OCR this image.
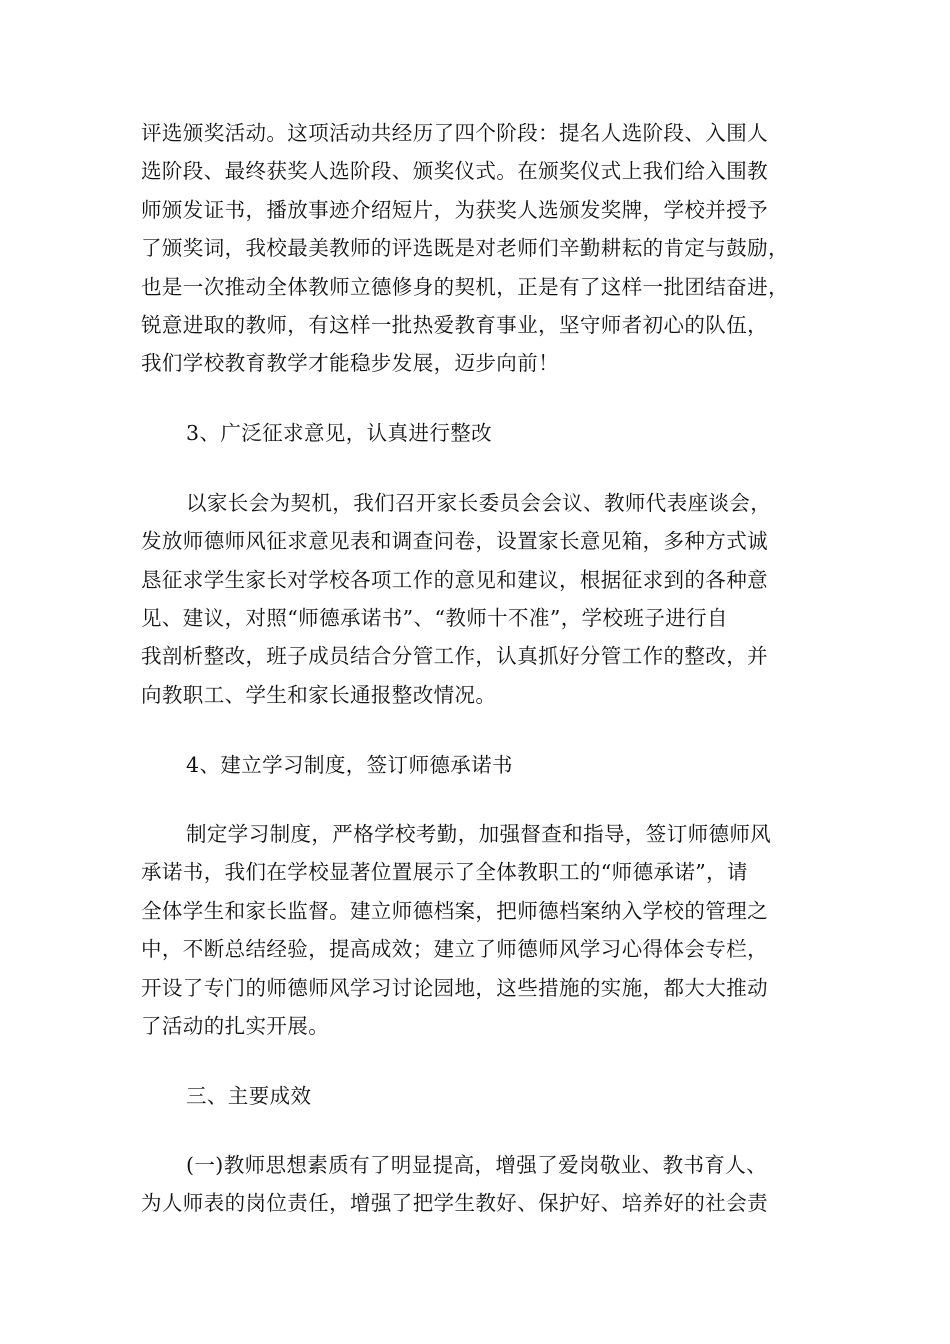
评选颁奖活动。这项活动共经历了四个阶段：提名人选阶段、入围人
选阶段、最终获奖人选阶段、颁奖仪式。在颁奖仪式上我们给入围教
师颁发证书，播放事迹介绍短片，为获奖人选颁发奖牌，学校并授予
了颁奖词，我校最美教师的评选既是对老师们辛勤耕耘的肯定与鼓励，
也是一次推动全体教师立德修身的契机，正是有了这样一批团结奋进，
锐意进取的教师，有这样一批热爱教育事业，坚守师者初心的队伍，
我们学校教育教学才能稳步发展，迈步向前！
3、广泛征求意见，认真进行整改
以家长会为契机，我们召开家长委员会会议、教师代表座谈会，
发放师德师风征求意见表和调查问卷，设置家长意见箱，多种方式诚
恳征求学生家长对学校各项工作的意见和建议，根据征求到的各种意
见、建议，对照“师德承诺书”、“教师十不准”，学校班子进行自
我剖析整改，班子成员结合分管工作，认真抓好分管工作的整改，并
向教职工、学生和家长通报整改情况。
4、建立学习制度，签订师德承诺书
制定学习制度，严格学校考勤，加强督查和指导，签订师德师风
承诺书，我们在学校显著位置展示了全体教职工的“师德承诺”，请
全体学生和家长监督。建立师德档案，把师德档案纳入学校的管理之
中，不断总结经验，提高成效；建立了师德师风学习心得体会专栏，
开设了专门的师德师风学习讨论园地，这些措施的实施，都大大推动
了活动的扎实开展。
三、主要成效
(一)教师思想素质有了明显提高，增强了爱岗敬业、教书育人、
为人师表的岗位责任，增强了把学生教好、保护好、培养好的社会责
